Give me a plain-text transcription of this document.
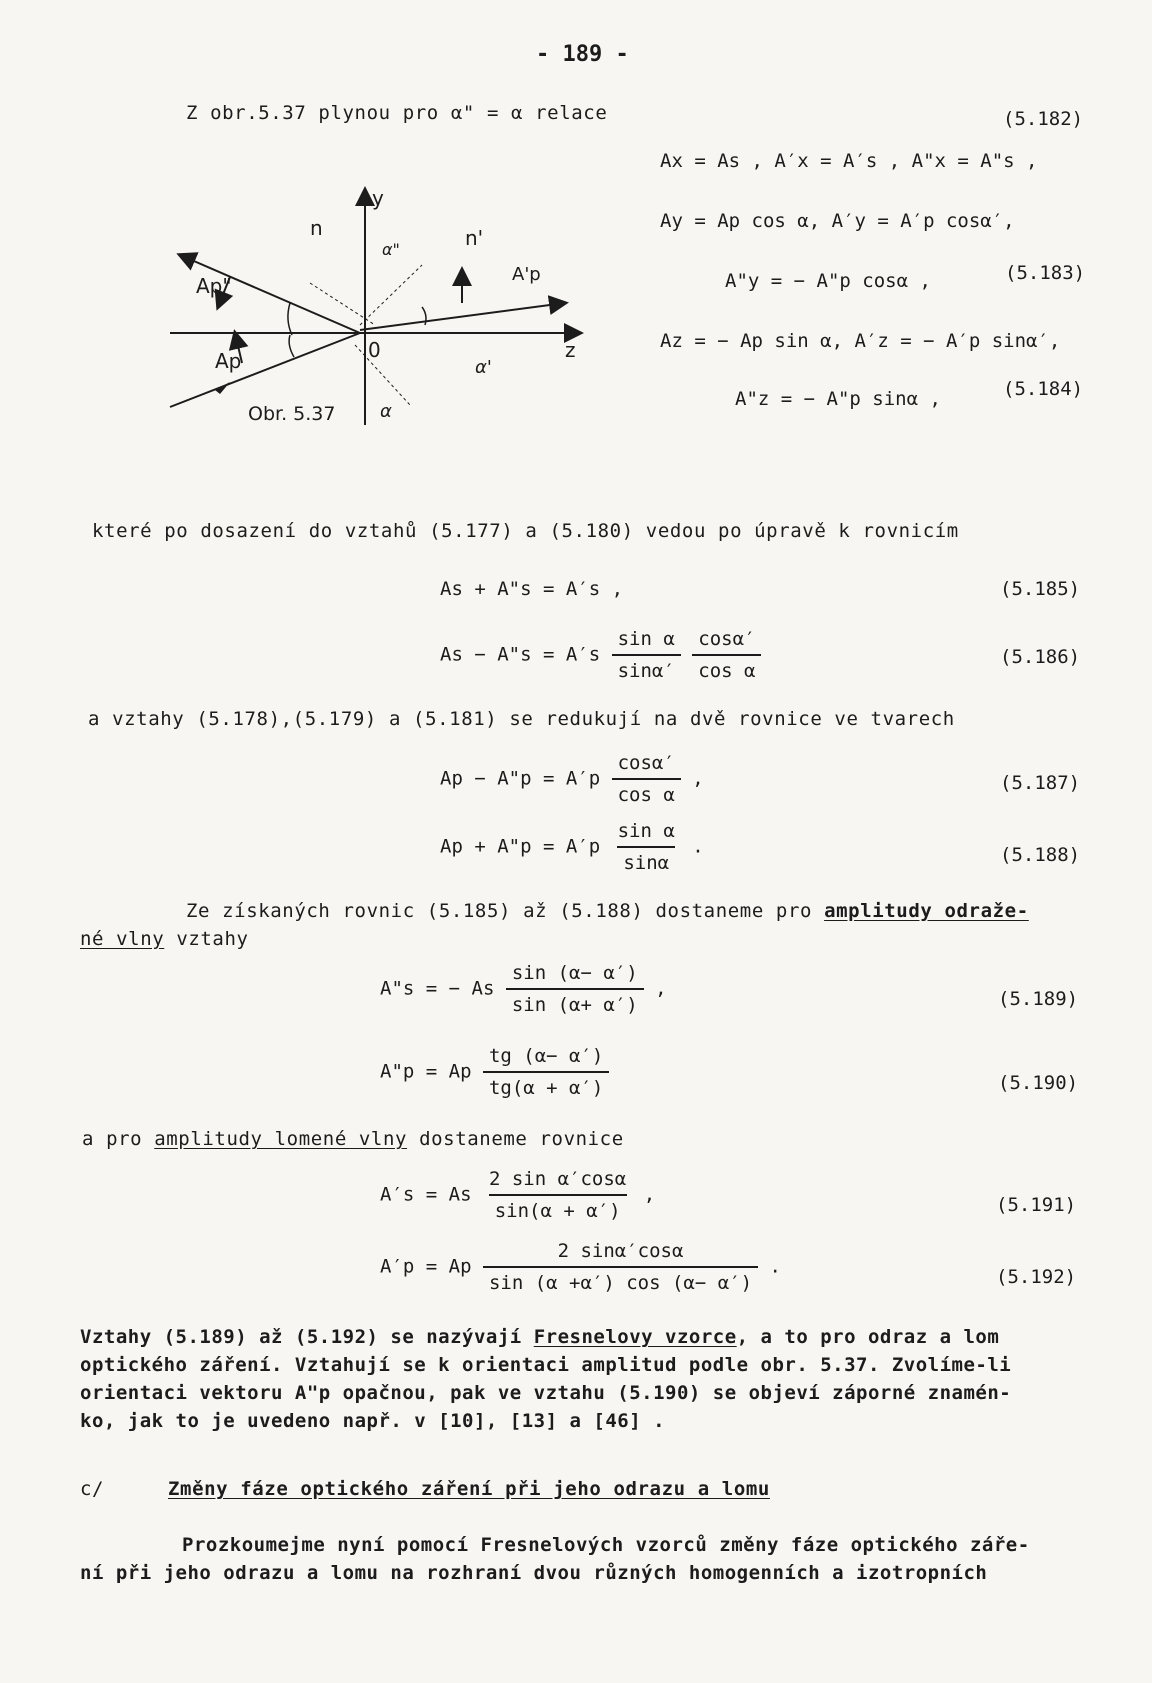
- 189 -
Z obr.5.37 plynou pro α" = α relace	(5.182)
Ax = As , A′x = A′s , A"x = A"s ,
Ay = Ap cos α, A′y = A′p cosα′,
A"y = − A"p cosα ,	(5.183)
Az = − Ap sin α, A′z = − A′p sinα′,
A"z = − A"p sinα ,	(5.184)
y
n
α"	n'
Ap"	A'p
Ap	0	z
α'
Obr. 5.37 α
které po dosazení do vztahů (5.177) a (5.180) vedou po úpravě k rovnicím
As + A"s = A′s ,	(5.185)
As − A"s = $A's \frac{\text{sin α}}{\sin\alpha'}$
$\frac{\cos\alpha'}{\text{cos α}}$	(5.186)
a vztahy (5.178),(5.179) a (5.181) se redukují na dvě rovnice ve tvarech
Ap − A"p = $A'p \frac{\cos\alpha'}{\text{cos α}}$ ,	(5.187)
Ap + A"p = $A'p \frac{\text{sin α}}{\sin\alpha}$ .	(5.188)
Ze získaných rovnic (5.185) až (5.188) dostaneme pro amplitudy odraže-
né vlny vztahy
A"s = − As $\frac{\sin (\alpha- \alpha')}{\sin (\alpha+ \alpha')}$ ,	(5.189)
A"p = Ap $\frac{tg (\alpha- \alpha')}{tg(\alpha + \alpha')}$	(5.190)
a pro amplitudy lomené vlny dostaneme rovnice
A′s = As $\frac{\text{2 sin α′cosα}}{\sin(\alpha + \alpha')}$ ,	(5.191)
A′p = Ap $\frac{2 \sin\alpha'\cos\alpha}{\sin (\alpha +\alpha') \cos (\alpha- \alpha')}$ .	(5.192)
Vztahy (5.189) až (5.192) se nazývají Fresnelovy vzorce, a to pro odraz a lom
optického záření. Vztahují se k orientaci amplitud podle obr. 5.37. Zvolíme-li
orientaci vektoru A"p opačnou, pak ve vztahu (5.190) se objeví záporné znamén-
ko, jak to je uvedeno např. v [10], [13] a [46] .
c/	Změny fáze optického záření při jeho odrazu a lomu
Prozkoumejme nyní pomocí Fresnelových vzorců změny fáze optického záře-
ní při jeho odrazu a lomu na rozhraní dvou různých homogenních a izotropních
